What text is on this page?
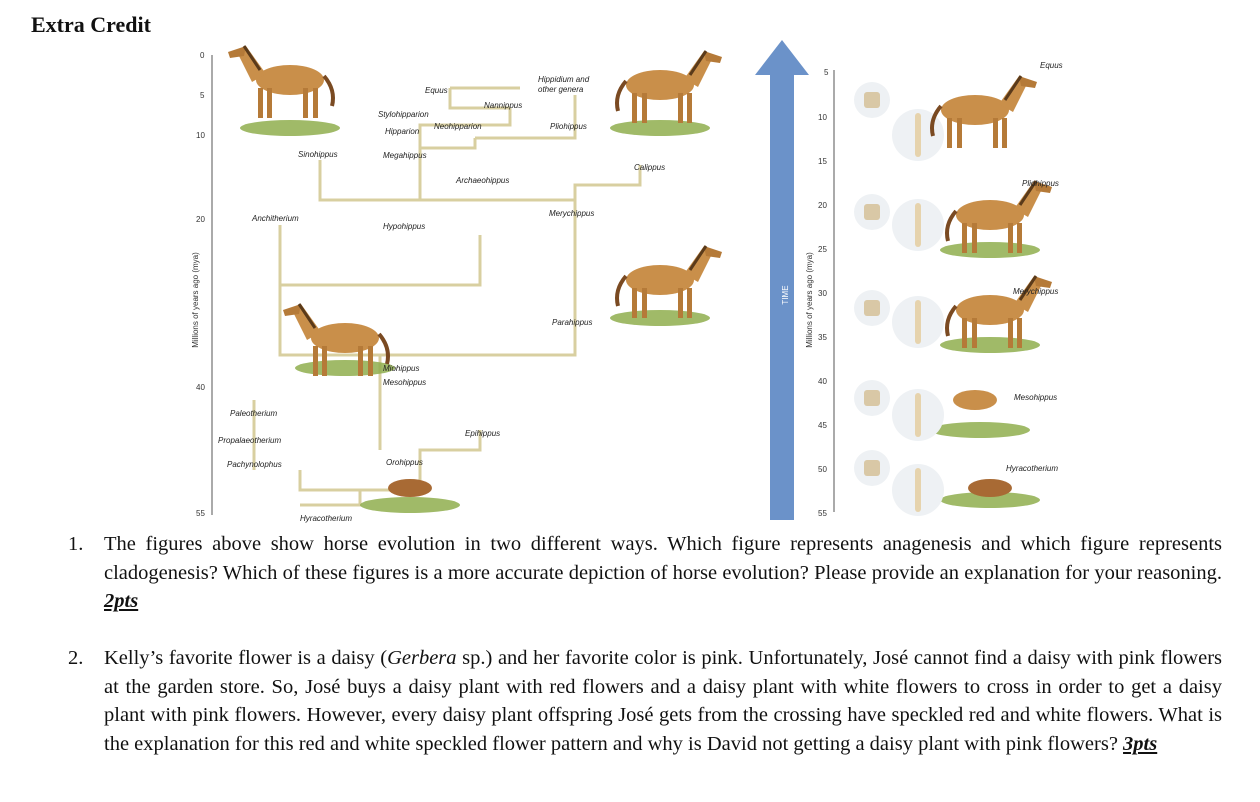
Extra Credit
Millions of years ago (mya)
0
5
10
20
40
55
Equus
Hippidium and
other genera
Nannippus
Stylohipparion
Hipparion
Neohipparion	Pliohippus
Sinohippus	Megahippus
Calippus
Archaeohippus
Merychippus
Anchitherium
Hypohippus
Parahippus
Miohippus
Mesohippus
Paleotherium
Propalaeotherium
Epihippus
Pachynolophus	Orohippus
Hyracotherium
TIME Millions of years ago (mya)
5
10
15
20
25
30
35
40
45
50
55
Equus
Pliohippus
Merychippus
Mesohippus
Hyracotherium
1. The figures above show horse evolution in two different ways. Which figure represents anagenesis and which figure represents cladogenesis? Which of these figures is a more accurate depiction of horse evolution? Please provide an explanation for your reasoning. 2pts
2. Kelly’s favorite flower is a daisy (Gerbera sp.) and her favorite color is pink. Unfortunately, José cannot find a daisy with pink flowers at the garden store. So, José buys a daisy plant with red flowers and a daisy plant with white flowers to cross in order to get a daisy plant with pink flowers. However, every daisy plant offspring José gets from the crossing have speckled red and white flowers. What is the explanation for this red and white speckled flower pattern and why is David not getting a daisy plant with pink flowers? 3pts
